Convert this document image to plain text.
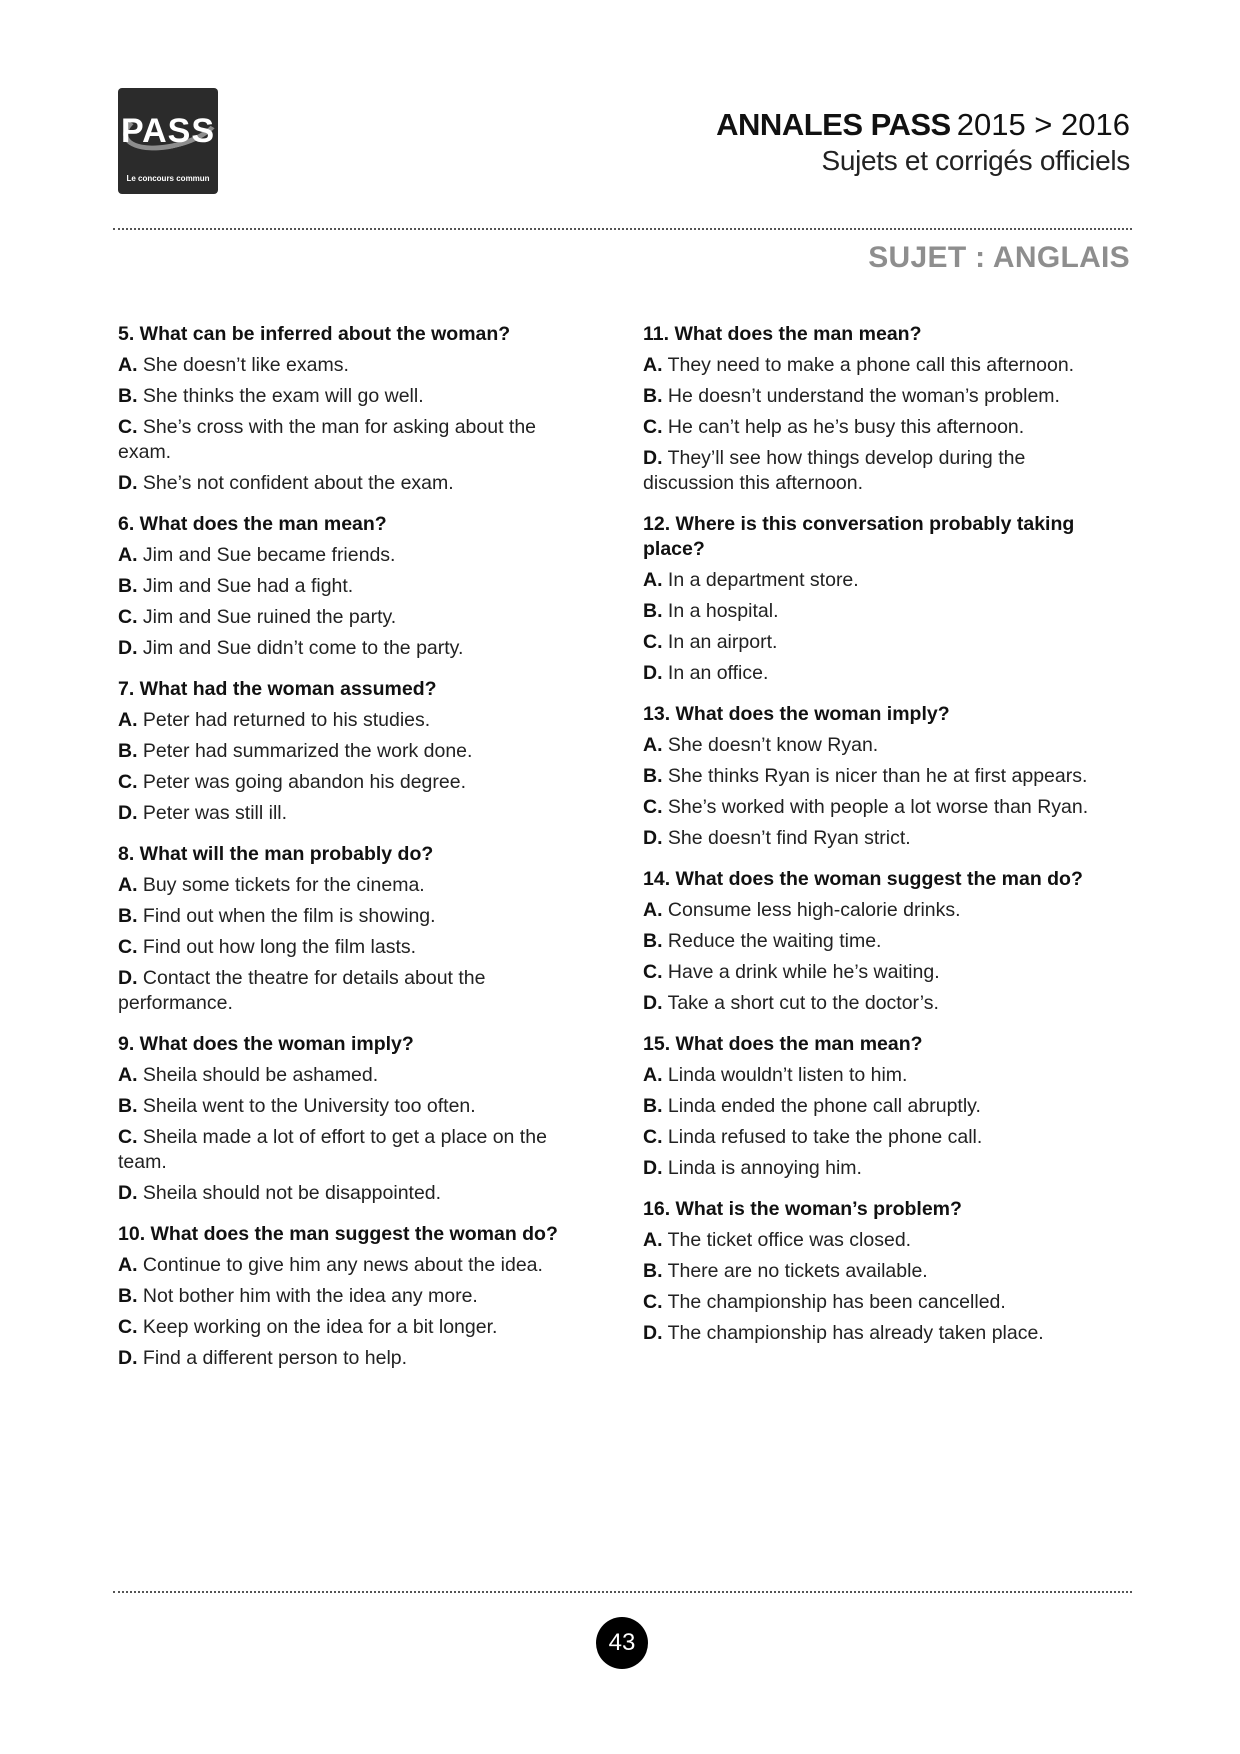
PASS
Le concours commun
ANNALES PASS 2015 > 2016
Sujets et corrigés officiels
SUJET : ANGLAIS
5. What can be inferred about the woman?
A. She doesn’t like exams.
B. She thinks the exam will go well.
C. She’s cross with the man for asking about the exam.
D. She’s not confident about the exam.
6. What does the man mean?
A. Jim and Sue became friends.
B. Jim and Sue had a fight.
C. Jim and Sue ruined the party.
D. Jim and Sue didn’t come to the party.
7. What had the woman assumed?
A. Peter had returned to his studies.
B. Peter had summarized the work done.
C. Peter was going abandon his degree.
D. Peter was still ill.
8. What will the man probably do?
A. Buy some tickets for the cinema.
B. Find out when the film is showing.
C. Find out how long the film lasts.
D. Contact the theatre for details about the performance.
9. What does the woman imply?
A. Sheila should be ashamed.
B. Sheila went to the University too often.
C. Sheila made a lot of effort to get a place on the team.
D. Sheila should not be disappointed.
10. What does the man suggest the woman do?
A. Continue to give him any news about the idea.
B. Not bother him with the idea any more.
C. Keep working on the idea for a bit longer.
D. Find a different person to help.
11. What does the man mean?
A. They need to make a phone call this afternoon.
B. He doesn’t understand the woman’s problem.
C. He can’t help as he’s busy this afternoon.
D. They’ll see how things develop during the discussion this afternoon.
12. Where is this conversation probably taking place?
A. In a department store.
B. In a hospital.
C. In an airport.
D. In an office.
13. What does the woman imply?
A. She doesn’t know Ryan.
B. She thinks Ryan is nicer than he at first appears.
C. She’s worked with people a lot worse than Ryan.
D. She doesn’t find Ryan strict.
14. What does the woman suggest the man do?
A. Consume less high-calorie drinks.
B. Reduce the waiting time.
C. Have a drink while he’s waiting.
D. Take a short cut to the doctor’s.
15. What does the man mean?
A. Linda wouldn’t listen to him.
B. Linda ended the phone call abruptly.
C. Linda refused to take the phone call.
D. Linda is annoying him.
16. What is the woman’s problem?
A. The ticket office was closed.
B. There are no tickets available.
C. The championship has been cancelled.
D. The championship has already taken place.
43
